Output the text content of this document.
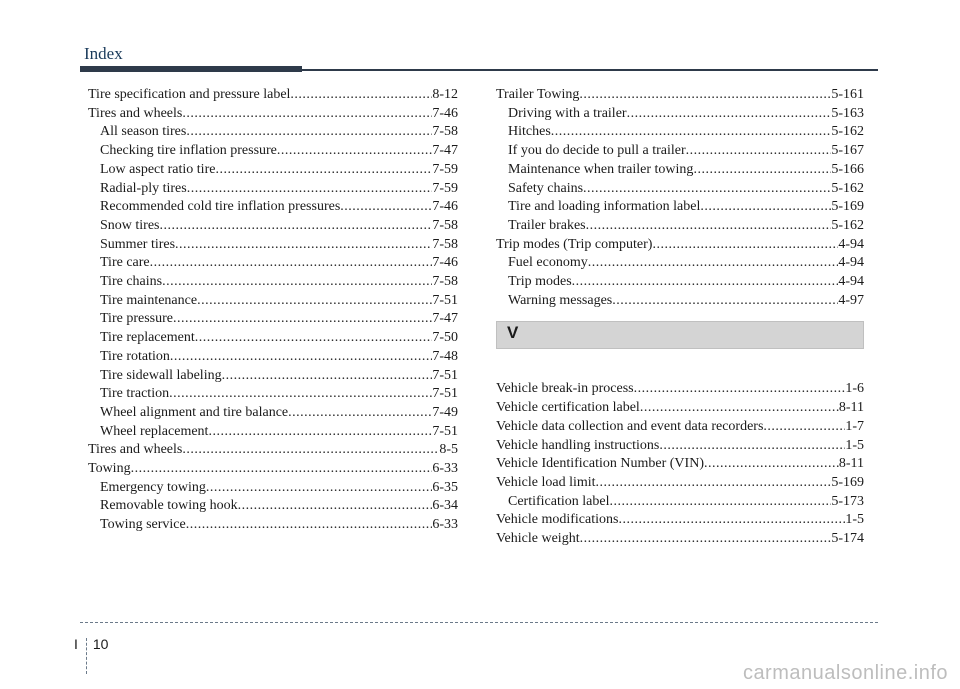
Index
Tire specification and pressure label .....	8-12
Tires and wheels .....	7-46
All season tires .....	7-58
Checking tire inflation pressure .....	7-47
Low aspect ratio tire .....	7-59
Radial-ply tires .....	7-59
Recommended cold tire inflation pressures .....	7-46
Snow tires .....	7-58
Summer tires .....	7-58
Tire care .....	7-46
Tire chains .....	7-58
Tire maintenance .....	7-51
Tire pressure .....	7-47
Tire replacement .....	7-50
Tire rotation .....	7-48
Tire sidewall labeling .....	7-51
Tire traction .....	7-51
Wheel alignment and tire balance .....	7-49
Wheel replacement .....	7-51
Tires and wheels .....	8-5
Towing .....	6-33
Emergency towing .....	6-35
Removable towing hook .....	6-34
Towing service .....	6-33
Trailer Towing .....	5-161
Driving with a trailer .....	5-163
Hitches .....	5-162
If you do decide to pull a trailer .....	5-167
Maintenance when trailer towing .....	5-166
Safety chains .....	5-162
Tire and loading information label .....	5-169
Trailer brakes .....	5-162
Trip modes (Trip computer) .....	4-94
Fuel economy .....	4-94
Trip modes .....	4-94
Warning messages .....	4-97
V
Vehicle break-in process .....	1-6
Vehicle certification label .....	8-11
Vehicle data collection and event data recorders .....	1-7
Vehicle handling instructions .....	1-5
Vehicle Identification Number (VIN) .....	8-11
Vehicle load limit .....	5-169
Certification label .....	5-173
Vehicle modifications .....	1-5
Vehicle weight .....	5-174
I 10
carmanualsonline.info
